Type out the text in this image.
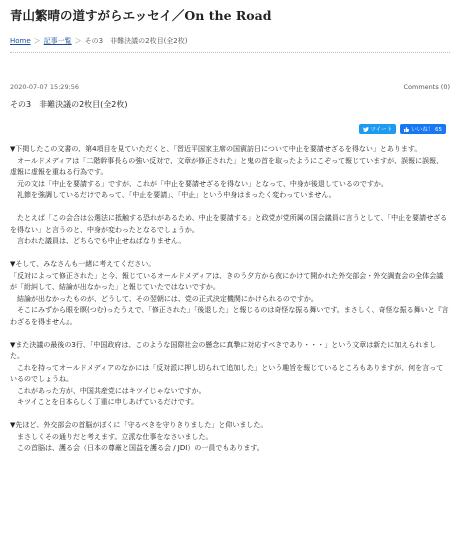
青山繁晴の道すがらエッセイ／On the Road
Home ＞ 記事一覧 ＞ その3　非難決議の2枚目(全2枚)
2020-07-07 15:29:56	Comments (0)
その3　非難決議の2枚目(全2枚)
ツイート	いいね！ 65

▼下掲したこの文書の、第4項目を見ていただくと、「習近平国家主席の国賓訪日について中止を要請せざるを得ない」とあります。

　オールドメディアは「二階幹事長らの強い反対で、文章が修正された」と鬼の首を取ったようにこぞって報じていますが、誤報に誤報、虚報に虚報を重ねる行為です。

　元の文は「中止を要請する」ですが、これが「中止を要請せざるを得ない」となって、中身が後退しているのですか。

　礼節を強調しているだけであって、「中止を要請」、「中止」という中身はまったく変わっていません。

　たとえば「この会合は公選法に抵触する恐れがあるため、中止を要請する」と政党が党所属の国会議員に言うとして、「中止を要請せざるを得ない」と言うのと、中身が変わったとなるでしょうか。

　言われた議員は、どちらでも中止せねばなりません。

▼そして、みなさんも一緒に考えてください。

「反対によって修正された」と今、報じているオールドメディアは、きのう夕方から夜にかけて開かれた外交部会・外交調査会の全体会議が「紛糾して、結論が出なかった」と報じていたではないですか。

　結論が出なかったものが、どうして、その翌朝には、党の正式決定機関にかけられるのですか。

　そこにみずから眼を瞑(つむ)ったうえで、「修正された」「後退した」と報じるのは奇怪な振る舞いです。まさしく、奇怪な振る舞いと『言わざるを得ません』。

▼また決議の最後の3行、「中国政府は、このような国際社会の懸念に真摯に対応すべきであり・・・」という文章は新たに加えられました。

　これを持ってオールドメディアのなかには「反対派に押し切られて追加した」という趣旨を報じているところもありますが、何を言っているのでしょうね。

　これがあった方が、中国共産党にはキツイじゃないですか。

　キツイことを日本らしく丁重に申しあげているだけです。

▼先ほど、外交部会の首脳がぼくに「守るべきを守りきりました」と仰いました。

　まさしくその通りだと考えます。立派な仕事をなさいました。

　この首脳は、護る会（日本の尊厳と国益を護る会 / JDI）の一員でもあります。
